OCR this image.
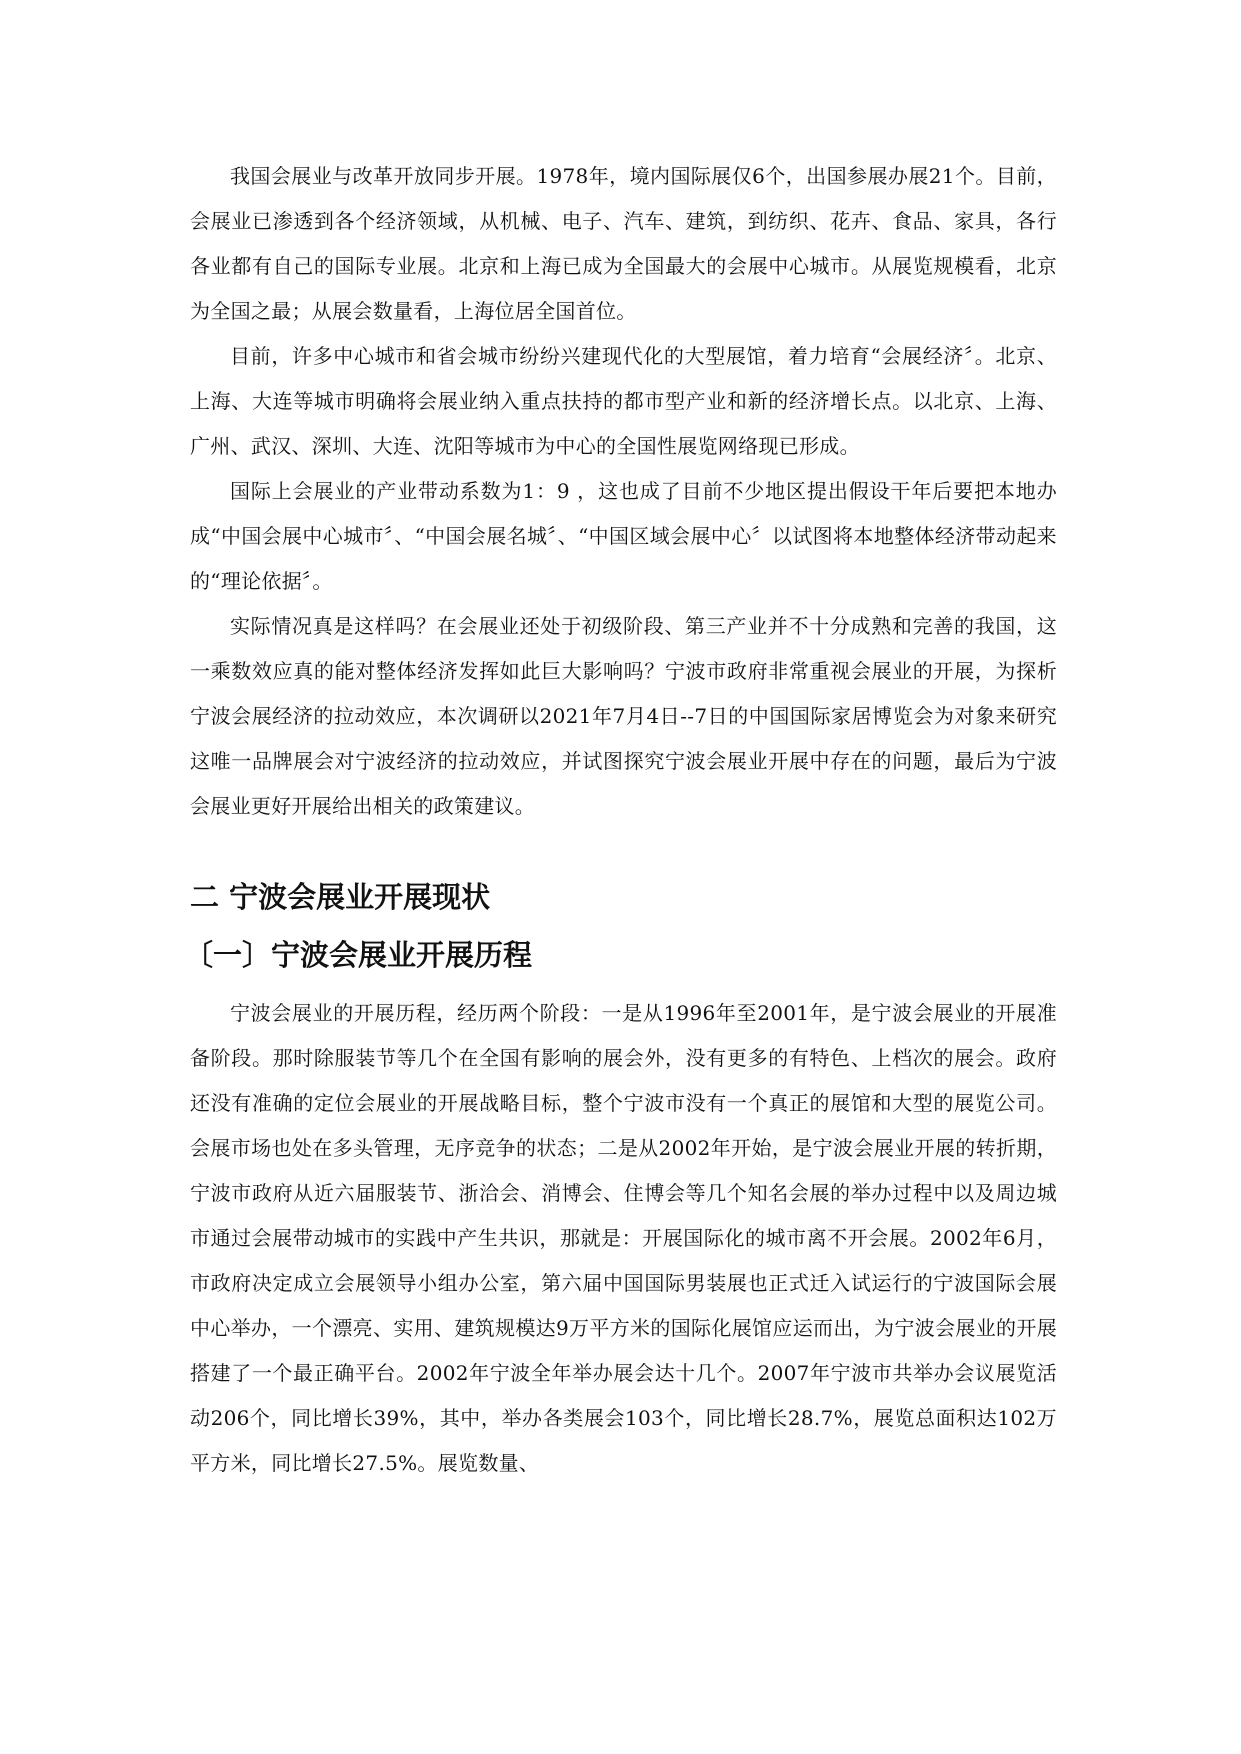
我国会展业与改革开放同步开展。1978年，境内国际展仅6个，出国参展办展21个。目前，会展业已渗透到各个经济领域，从机械、电子、汽车、建筑，到纺织、花卉、食品、家具，各行各业都有自己的国际专业展。北京和上海已成为全国最大的会展中心城市。从展览规模看，北京为全国之最；从展会数量看，上海位居全国首位。

目前，许多中心城市和省会城市纷纷兴建现代化的大型展馆，着力培育“会展经济〞。北京、上海、大连等城市明确将会展业纳入重点扶持的都市型产业和新的经济增长点。以北京、上海、广州、武汉、深圳、大连、沈阳等城市为中心的全国性展览网络现已形成。

国际上会展业的产业带动系数为1：9 ，这也成了目前不少地区提出假设干年后要把本地办成“中国会展中心城市〞、“中国会展名城〞、“中国区域会展中心〞以试图将本地整体经济带动起来的“理论依据〞。

实际情况真是这样吗？在会展业还处于初级阶段、第三产业并不十分成熟和完善的我国，这一乘数效应真的能对整体经济发挥如此巨大影响吗？宁波市政府非常重视会展业的开展，为探析宁波会展经济的拉动效应，本次调研以2021年7月4日--7日的中国国际家居博览会为对象来研究这唯一品牌展会对宁波经济的拉动效应，并试图探究宁波会展业开展中存在的问题，最后为宁波会展业更好开展给出相关的政策建议。

二 宁波会展业开展现状
〔一〕宁波会展业开展历程

宁波会展业的开展历程，经历两个阶段：一是从1996年至2001年，是宁波会展业的开展准备阶段。那时除服装节等几个在全国有影响的展会外，没有更多的有特色、上档次的展会。政府还没有准确的定位会展业的开展战略目标，整个宁波市没有一个真正的展馆和大型的展览公司。会展市场也处在多头管理，无序竞争的状态；二是从2002年开始，是宁波会展业开展的转折期，宁波市政府从近六届服装节、浙洽会、消博会、住博会等几个知名会展的举办过程中以及周边城市通过会展带动城市的实践中产生共识，那就是：开展国际化的城市离不开会展。2002年6月，市政府决定成立会展领导小组办公室，第六届中国国际男装展也正式迁入试运行的宁波国际会展中心举办，一个漂亮、实用、建筑规模达9万平方米的国际化展馆应运而出，为宁波会展业的开展搭建了一个最正确平台。2002年宁波全年举办展会达十几个。2007年宁波市共举办会议展览活动206个，同比增长39%，其中，举办各类展会103个，同比增长28.7%，展览总面积达102万平方米，同比增长27.5%。展览数量、
